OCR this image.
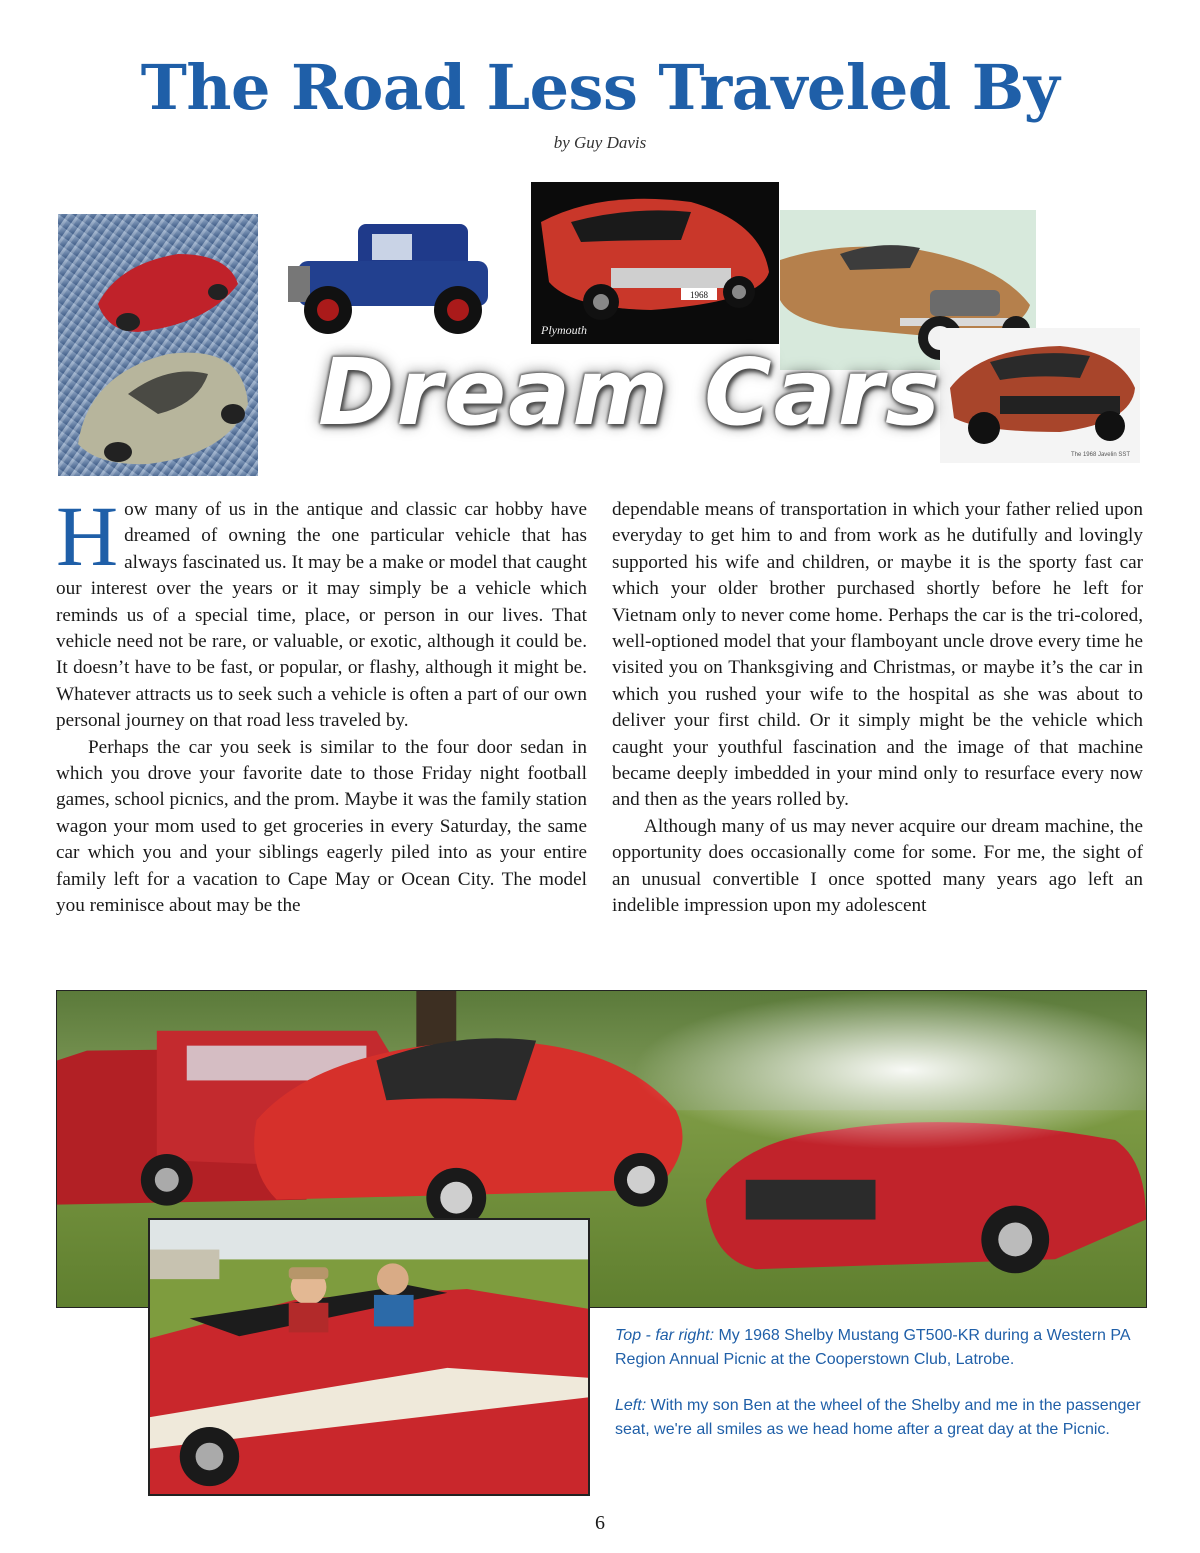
The Road Less Traveled By
by Guy Davis
1968
Plymouth
The 1968 Javelin SST
Dream Cars

How many of us in the antique and classic car hobby have dreamed of owning the one particular vehicle that has always fascinated us. It may be a make or model that caught our interest over the years or it may simply be a vehicle which reminds us of a special time, place, or person in our lives. That vehicle need not be rare, or valuable, or exotic, although it could be. It doesn’t have to be fast, or popular, or flashy, although it might be. Whatever attracts us to seek such a vehicle is often a part of our own personal journey on that road less traveled by.

Perhaps the car you seek is similar to the four door sedan in which you drove your favorite date to those Friday night football games, school picnics, and the prom. Maybe it was the family station wagon your mom used to get groceries in every Saturday, the same car which you and your siblings eagerly piled into as your entire family left for a vacation to Cape May or Ocean City. The model you reminisce about may be the

dependable means of transportation in which your father relied upon everyday to get him to and from work as he dutifully and lovingly supported his wife and children, or maybe it is the sporty fast car which your older brother purchased shortly before he left for Vietnam only to never come home. Perhaps the car is the tri-colored, well-optioned model that your flamboyant uncle drove every time he visited you on Thanksgiving and Christmas, or maybe it’s the car in which you rushed your wife to the hospital as she was about to deliver your first child. Or it simply might be the vehicle which caught your youthful fascination and the image of that machine became deeply imbedded in your mind only to resurface every now and then as the years rolled by.

Although many of us may never acquire our dream machine, the opportunity does occasionally come for some. For me, the sight of an unusual convertible I once spotted many years ago left an indelible impression upon my adolescent

Top - far right: My 1968 Shelby Mustang GT500-KR during a Western PA Region Annual Picnic at the Cooperstown Club, Latrobe.
Left: With my son Ben at the wheel of the Shelby and me in the passenger seat, we're all smiles as we head home after a great day at the Picnic.
6
